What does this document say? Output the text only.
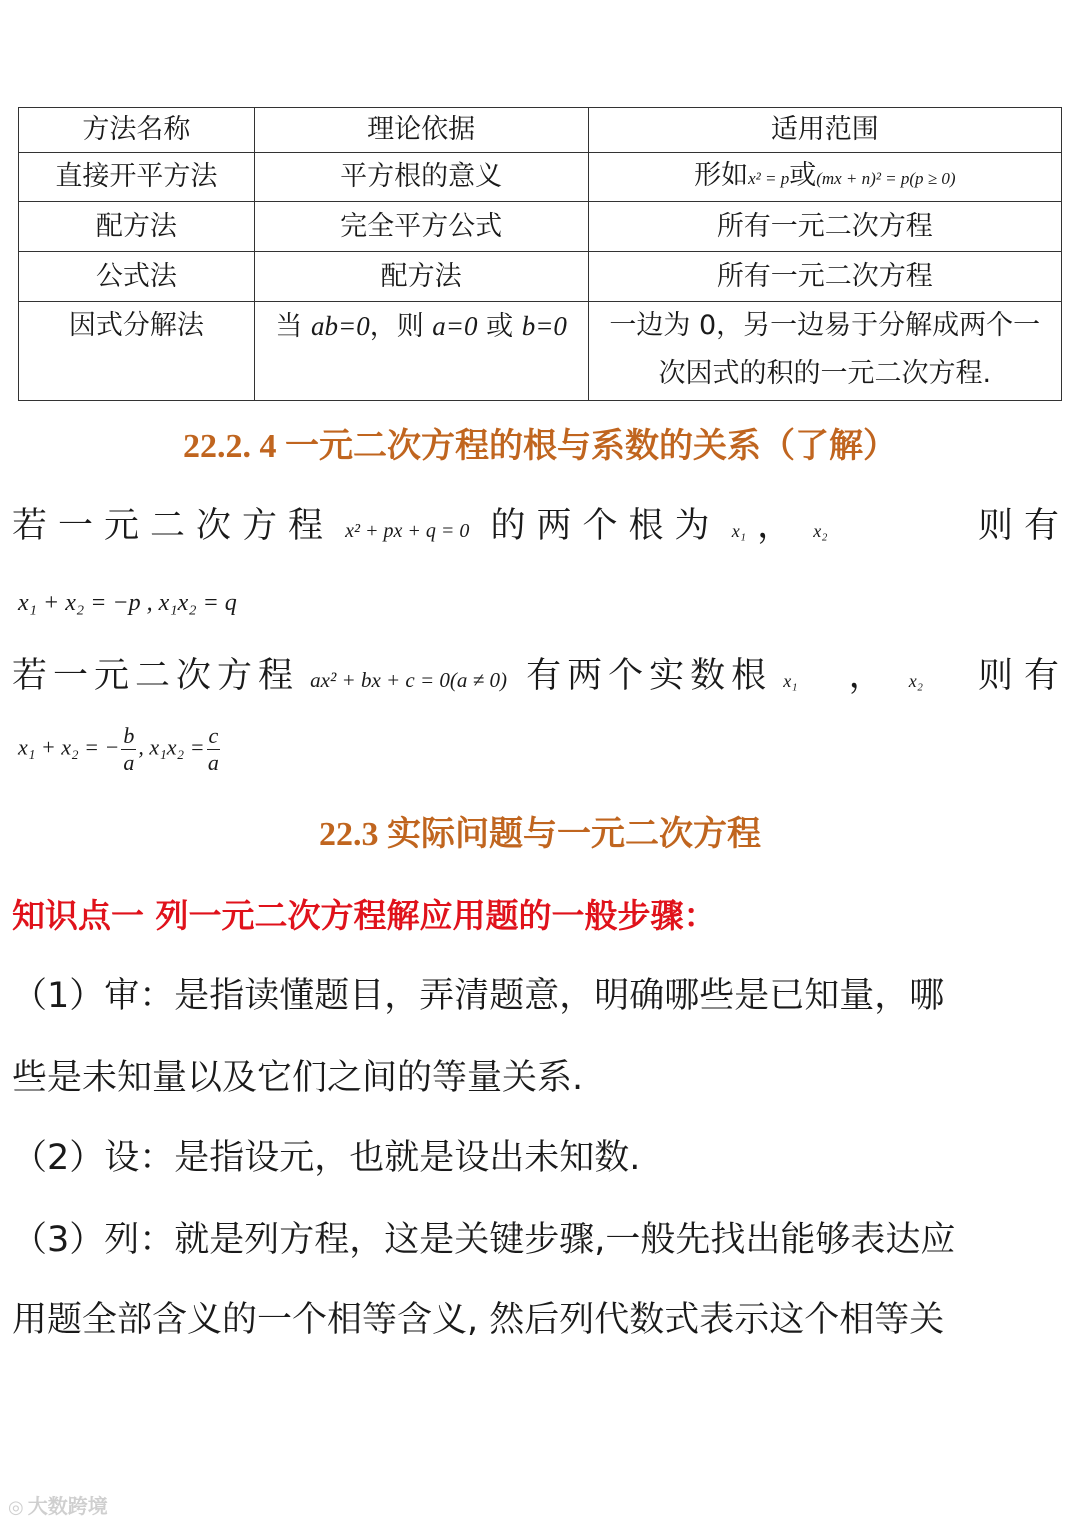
方法名称	理论依据	适用范围
直接开平方法	平方根的意义	形如x² = p或(mx + n)² = p(p ≥ 0)
配方法	完全平方公式	所有一元二次方程
公式法	配方法	所有一元二次方程
因式分解法	当 ab=0，则 a=0 或 b=0	一边为 0，另一边易于分解成两个一
次因式的积的一元二次方程.
22.2. 4 一元二次方程的根与系数的关系（了解）
若一元二次方程 x² + px + q = 0 的两个根为 x₁ ， x₂	则有
x₁ + x₂ = −p , x₁x₂ = q
若一元二次方程 ax² + bx + c = 0(a ≠ 0) 有两个实数根 x₁ ， x₂ 则有
x₁ + x₂ = − $\frac{b}{a}$ , $x_1x_2 = \frac{c}{a}$
22.3 实际问题与一元二次方程
知识点一 列一元二次方程解应用题的一般步骤：
（1）审：是指读懂题目，弄清题意，明确哪些是已知量，哪
些是未知量以及它们之间的等量关系.
（2）设：是指设元，也就是设出未知数.
（3）列：就是列方程，这是关键步骤,一般先找出能够表达应
用题全部含义的一个相等含义, 然后列代数式表示这个相等关
◎ 大数跨境
